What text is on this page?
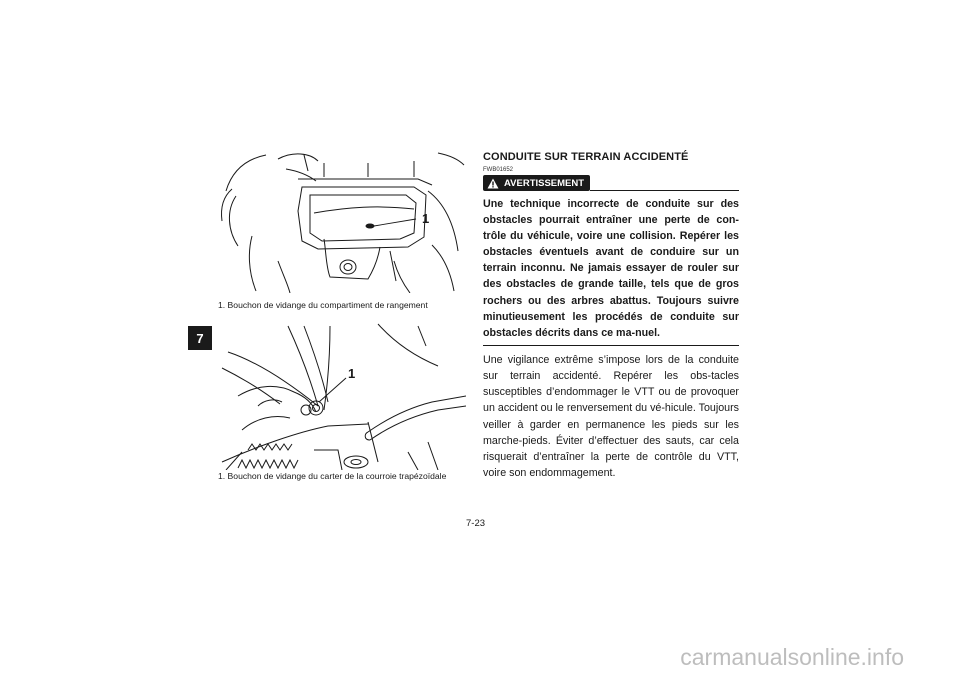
7
1
1. Bouchon de vidange du compartiment de rangement
1
1. Bouchon de vidange du carter de la courroie trapézoïdale
CONDUITE SUR TERRAIN ACCIDENTÉ
FWB01652
AVERTISSEMENT

Une technique incorrecte de conduite sur des obstacles pourrait entraîner une perte de con-trôle du véhicule, voire une collision. Repérer les obstacles éventuels avant de conduire sur un terrain inconnu. Ne jamais essayer de rouler sur des obstacles de grande taille, tels que de gros rochers ou des arbres abattus. Toujours suivre minutieusement les procédés de conduite sur obstacles décrits dans ce ma-nuel.

Une vigilance extrême s’impose lors de la conduite sur terrain accidenté. Repérer les obs-tacles susceptibles d’endommager le VTT ou de provoquer un accident ou le renversement du vé-hicule. Toujours veiller à garder en permanence les pieds sur les marche-pieds. Éviter d’effectuer des sauts, car cela risquerait d’entraîner la perte de contrôle du VTT, voire son endommagement.

7-23
carmanualsonline.info
